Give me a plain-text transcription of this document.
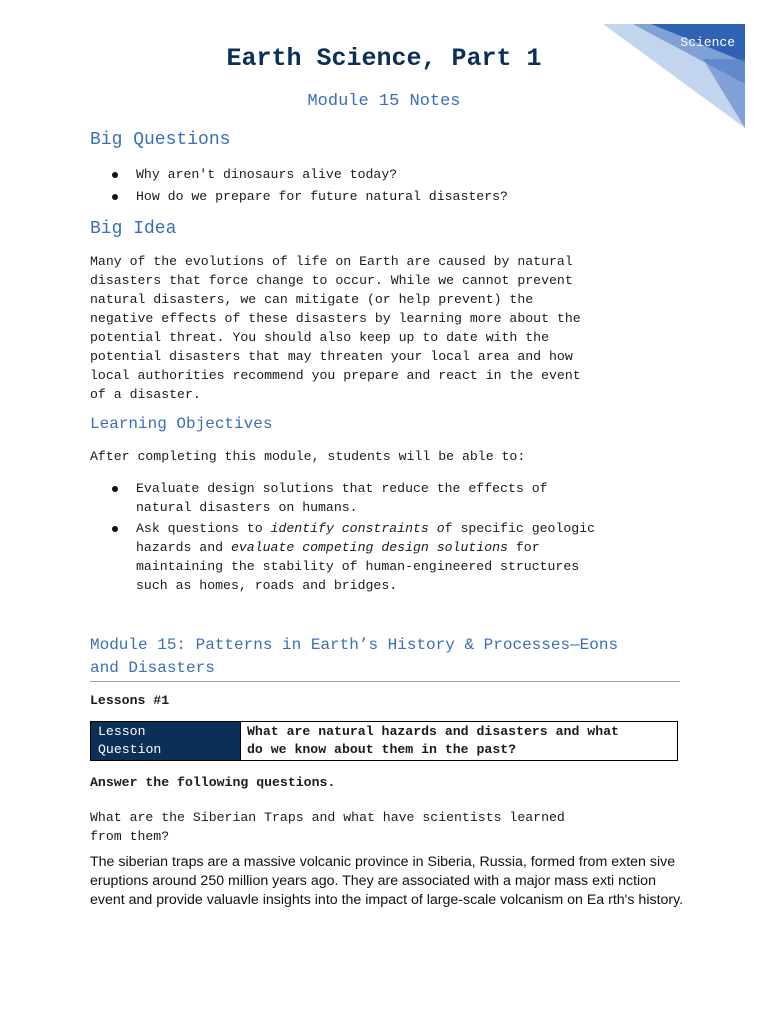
Science
Earth Science, Part 1
Module 15 Notes
Big Questions
Why aren't dinosaurs alive today?
How do we prepare for future natural disasters?
Big Idea

Many of the evolutions of life on Earth are caused by natural
disasters that force change to occur. While we cannot prevent
natural disasters, we can mitigate (or help prevent) the
negative effects of these disasters by learning more about the
potential threat. You should also keep up to date with the
potential disasters that may threaten your local area and how
local authorities recommend you prepare and react in the event
of a disaster.

Learning Objectives

After completing this module, students will be able to:

Evaluate design solutions that reduce the effects of
natural disasters on humans.
Ask questions to identify constraints of specific geologic
hazards and evaluate competing design solutions for
maintaining the stability of human-engineered structures
such as homes, roads and bridges.
Module 15: Patterns in Earth’s History & Processes—Eons
and Disasters

Lessons #1

Lesson
Question	What are natural hazards and disasters and what
do we know about them in the past?

Answer the following questions.

What are the Siberian Traps and what have scientists learned
from them?

The siberian traps are a massive volcanic province in Siberia, Russia, formed from exten sive eruptions around 250 million years ago. They are associated with a major mass exti nction event and provide valuavle insights into the impact of large-scale volcanism on Ea rth's history.
